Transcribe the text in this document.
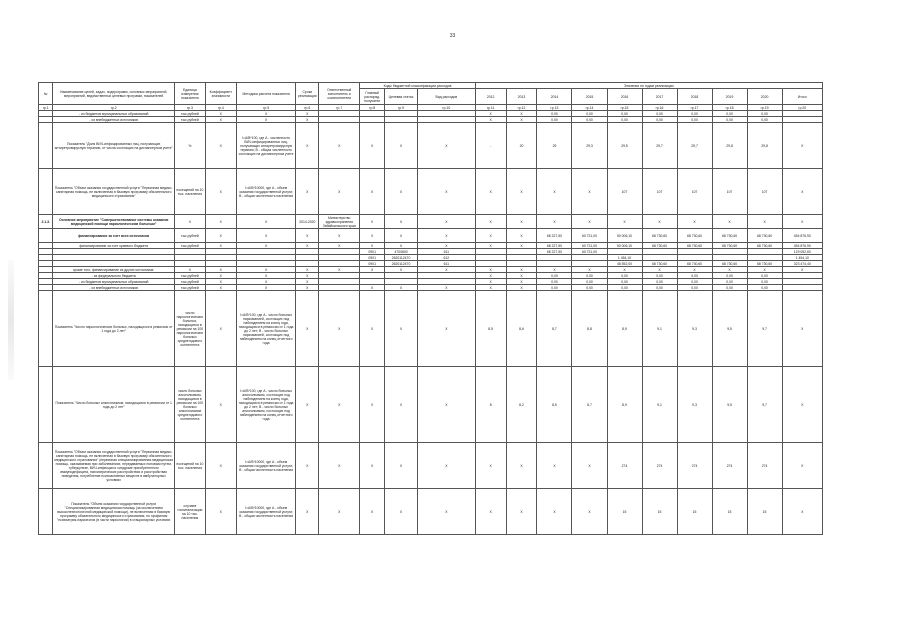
33
№	Наименование целей, задач, подпрограмм, основных мероприятий, мероприятий, ведомственных целевых программ, показателей	Единица измерения показателя	Коэффициент значимости	Методика расчета показателя	Сроки реализации	Ответственный исполнитель и соисполнители	Коды бюджетной классификации расходов			Значения по годам реализации									
							Главный распоряд. получател	Целевая статья	Вид расходов	2012	2013	2014	2015	2016	2017	2018	2019	2020	Итого
гр.1	гр.2	гр.3	гр.4	гр.5	гр.6	гр.7	гр.8	гр.9	гр.10	гр.11	гр.12	гр.13	гр.14	гр.15	гр.16	гр.17	гр.18	гр.19	гр.20
	- из бюджетов муниципальных образований	тыс.рублей	X	X	X					X	X	0,00	0,00	0,00	0,00	0,00	0,00	0,00	
	- из внебюджетных источников	тыс.рублей	X	X	X					X	X	0,00	0,00	0,00	0,00	0,00	0,00	0,00	
	Показатель "Доля ВИЧ-инфицированных лиц, получающих антиретровирусную терапию, от числа состоящих на диспансерном учете"	%	X	I=A/B*100, где A - численность ВИЧ-инфицированных лиц, получающих антиретровирусную терапию; B - общая численность состоящих на диспансерном учете	X	X	X	X	X	-	20	29	29,3	29,5	29,7	29,7	29,8	29,8	X
	Показатель "Объем оказания государственной услуги "Первичная медико-санитарная помощь, не включенная в базовую программу обязательного медицинского страхования"	посещений на 10 тыс. населения	X	I=A/B*10000, где A - объем оказания государственной услуги; B - общая численность населения	X	X	X	X	X	X	X	X	X	107	107	107	107	107	X
2.1.3.	Основное мероприятие "Совершенствование системы оказания медицинской помощи наркологическим больным"	X	X	X	2014-2020	Министерство здравоохранения Забайкальского края	X	X	X	X	X	X	X	X	X	X	X	X	X
	финансирование за счет всех источников	тыс.рублей	X	X	X	X	X	X	X	X	X	68 227,50	60 721,00	50 006,10	68 730,60	68 730,60	68 730,60	68 730,60	454 876,90
	финансирование за счет краевого бюджета	тыс.рублей	X	X	X	X	X	X	X	X	X	68 227,50	60 721,00	50 006,10	68 730,60	68 730,60	68 730,60	68 730,60	454 876,90
							0901	4700800	611			68 227,50	60 721,00						129 052,60
							0901	2620112470	612					1 454,10					1 454,10
							0901	2620112470	611					48 552,00	68 730,60	68 730,60	68 730,60	68 730,60	323 474,40
	кроме того, финансирование из других источников:	X	X	X	X	X	X	X	X	X	X	X	X	X	X	X	X	X	X
	- из федерального бюджета	тыс.рублей	X	X	X					X	X	0,00	0,00	0,00	0,00	0,00	0,00	0,00	
	- из бюджетов муниципальных образований	тыс.рублей	X	X	X					X	X	0,00	0,00	0,00	0,00	0,00	0,00	0,00	
	- из внебюджетных источников	тыс.рублей	X	X	X		X	X	X	X	X	0,00	0,00	0,00	0,00	0,00	0,00	0,00	
	Показатель "Число наркологических больных, находящихся в ремиссии от 1 года до 2 лет"	число наркологических больных, находящихся в ремиссии на 100 наркологических больных среднегодового контингента	X	I=A/B*100, где A - число больных наркоманией, состоящих под наблюдением на конец года, находящихся в ремиссии от 1 года до 2 лет; B - число больных наркоманией, состоящих под наблюдением на конец отчетного года	X	X	X	X	X	8,5	8,6	8,7	8,8	8,9	9,1	9,3	9,5	9,7	X
	Показатель "Число больных алкоголизмом, находящихся в ремиссии от 1 года до 2 лет"	число больных алкоголизмом, находящихся в ремиссии на 100 больных алкоголизмом среднегодового контингента	X	I=A/B*100, где A - число больных алкоголизмом, состоящих под наблюдением на конец года, находящихся в ремиссии от 1 года до 2 лет; B - число больных алкоголизмом, состоящих под наблюдением на конец отчетного года	X	X	X	X	X	8	8,2	8,5	8,7	8,9	9,1	9,3	9,5	9,7	X
	Показатель "Объем оказания государственной услуги "Первичная медико-санитарная помощь, не включенная в базовую программу обязательного медицинского страхования" (первичная специализированная медицинская помощь, оказываемая при заболеваниях, передаваемых половым путем, туберкулезе, ВИЧ-инфекции и синдроме приобретенного иммунодефицита, психиатрических расстройствах и расстройствах поведения, потребление психоактивных веществ в амбулаторных условиях	посещений на 10 тыс. населения	X	I=A/B*10000, где A - объем оказания государственной услуги; B - общая численность населения	X	X	X	X	X	X	X	X	X	274	274	274	274	274	X
	Показатель "Объем оказания государственной услуги "Специализированная медицинская помощь (за исключением высокотехнологичной медицинской помощи), не включенная в базовую программу обязательного медицинского страхования, по профилям "психиатрия-наркология (в части наркологии) в стационарных условиях	случаев госпитализации на 10 тыс. населения	X	I=A/B*10000, где A - объем оказания государственной услуги; B - общая численность населения	X	X	X	X	X	X	X	X	X	15	15	15	15	15	X
